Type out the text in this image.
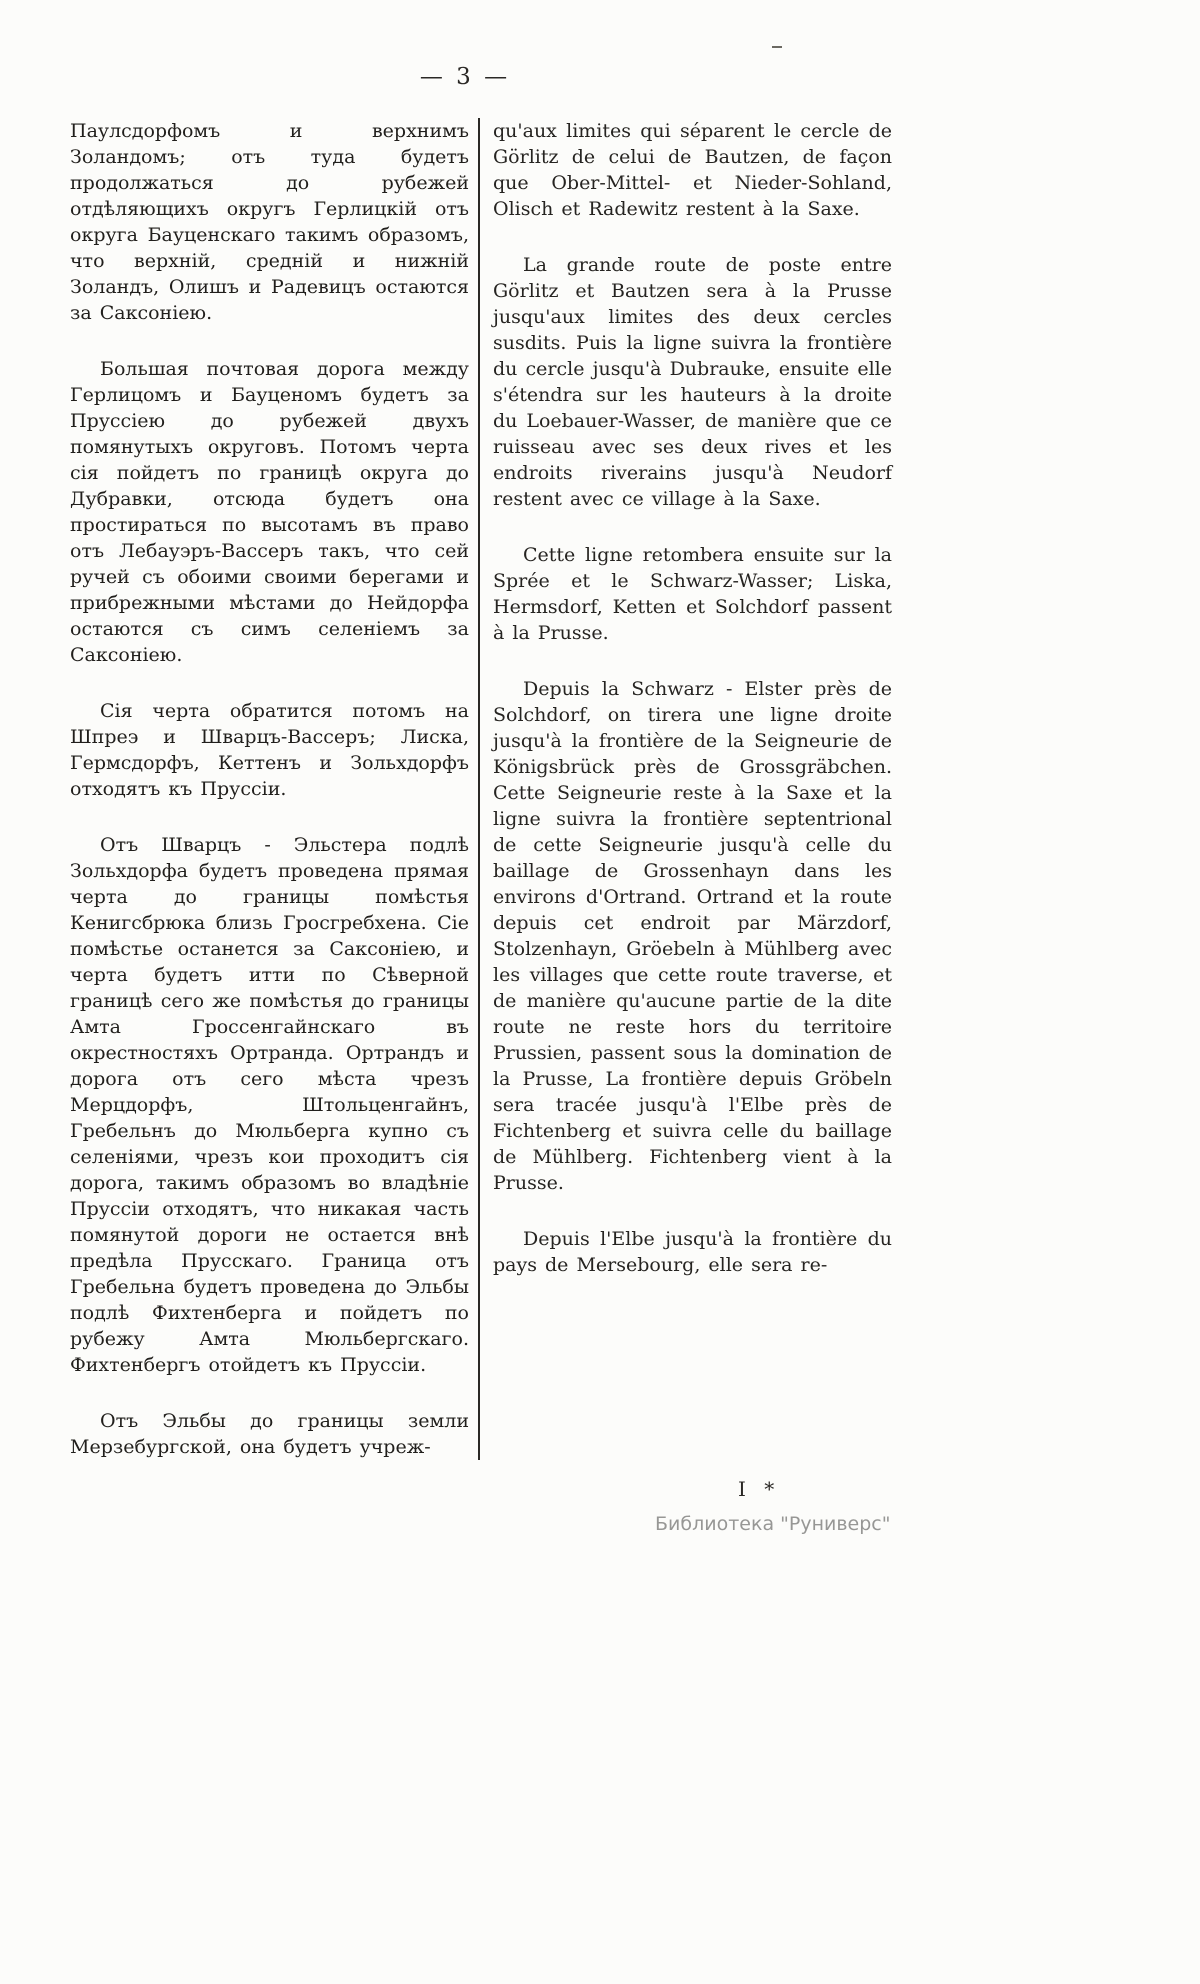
— 3 —

Паулсдорфомъ и верхнимъ Золандомъ; отъ туда будетъ продолжаться до рубежей отдѣляющихъ округъ Герлицкій отъ округа Бауценскаго такимъ образомъ, что верхній, средній и нижній Золандъ, Олишъ и Радевицъ остаются за Саксоніею.

Большая почтовая дорога между Герлицомъ и Бауценомъ будетъ за Пруссіею до рубежей двухъ помянутыхъ округовъ. Потомъ черта сія пойдетъ по границѣ округа до Дубравки, отсюда будетъ она простираться по высотамъ въ право отъ Лебауэръ-Вассеръ такъ, что сей ручей съ обоими своими берегами и прибрежными мѣстами до Нейдорфа остаются съ симъ селеніемъ за Саксоніею.

Сія черта обратится потомъ на Шпреэ и Шварцъ-Вассеръ; Лиска, Гермсдорфъ, Кеттенъ и Зольхдорфъ отходятъ къ Пруссіи.

Отъ Шварцъ - Эльстера подлѣ Зольхдорфа будетъ проведена прямая черта до границы помѣстья Кенигсбрюка близь Гросгребхена. Сіе помѣстье останется за Саксоніею, и черта будетъ итти по Сѣверной границѣ сего же помѣстья до границы Амта Гроссенгайнскаго въ окрестностяхъ Ортранда. Ортрандъ и дорога отъ сего мѣста чрезъ Мерцдорфъ, Штольценгайнъ, Гребельнъ до Мюльберга купно съ селеніями, чрезъ кои проходитъ сія дорога, такимъ образомъ во владѣніе Пруссіи отходятъ, что никакая часть помянутой дороги не остается внѣ предѣла Прусскаго. Граница отъ Гребельна будетъ проведена до Эльбы подлѣ Фихтенберга и пойдетъ по рубежу Амта Мюльбергскаго. Фихтенбергъ отойдетъ къ Пруссіи.

Отъ Эльбы до границы земли Мерзебургской, она будетъ учреж-

qu'aux limites qui séparent le cercle de Görlitz de celui de Bautzen, de façon que Ober-Mittel- et Nieder-Sohland, Olisch et Radewitz restent à la Saxe.

La grande route de poste entre Görlitz et Bautzen sera à la Prusse jusqu'aux limites des deux cercles susdits. Puis la ligne suivra la frontière du cercle jusqu'à Dubrauke, ensuite elle s'étendra sur les hauteurs à la droite du Loebauer-Wasser, de manière que ce ruisseau avec ses deux rives et les endroits riverains jusqu'à Neudorf restent avec ce village à la Saxe.

Cette ligne retombera ensuite sur la Sprée et le Schwarz-Wasser; Liska, Hermsdorf, Ketten et Solchdorf passent à la Prusse.

Depuis la Schwarz - Elster près de Solchdorf, on tirera une ligne droite jusqu'à la frontière de la Seigneurie de Königsbrück près de Grossgräbchen. Cette Seigneurie reste à la Saxe et la ligne suivra la frontière septentrional de cette Seigneurie jusqu'à celle du baillage de Grossenhayn dans les environs d'Ortrand. Ortrand et la route depuis cet endroit par Märzdorf, Stolzenhayn, Gröebeln à Mühlberg avec les villages que cette route traverse, et de manière qu'aucune partie de la dite route ne reste hors du territoire Prussien, passent sous la domination de la Prusse, La frontière depuis Gröbeln sera tracée jusqu'à l'Elbe près de Fichtenberg et suivra celle du baillage de Mühlberg. Fichtenberg vient à la Prusse.

Depuis l'Elbe jusqu'à la frontière du pays de Mersebourg, elle sera re-

I *
Библиотека "Руниверс"
